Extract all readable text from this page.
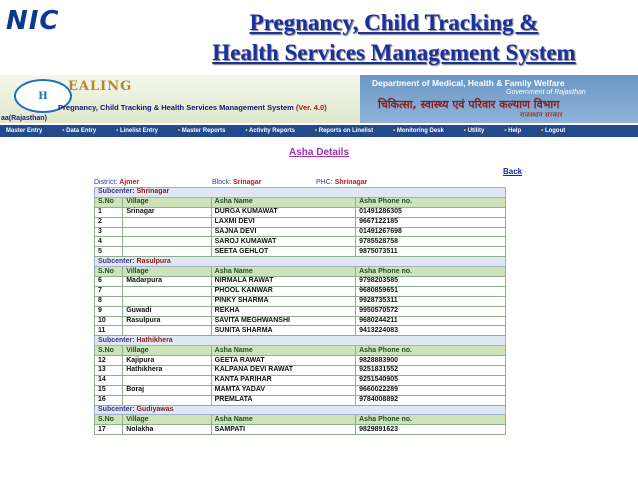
NIC	Pregnancy, Child Tracking &
Health Services Management System
H
EALING
Pregnancy, Child Tracking & Health Services Management System (Ver. 4.0)
aa(Rajasthan)
Department of Medical, Health & Family Welfare
Government of Rajasthan
चिकित्सा, स्वास्थ्य एवं परिवार कल्याण विभाग
राजस्थान सरकार
Master Entry	• Data Entry	• Linelist Entry	• Master Reports	• Activity Reports	• Reports on Linelist	• Monitoring Desk	• Utility	• Help	• Logout
Asha Details
Back
District: Ajmer	Block: Srinagar	PHC: Shrinagar
Subcenter: Shrinagar			
S.No	Village	Asha Name	Asha Phone no.
1	Srinagar	DURGA KUMAWAT	01491286305
2		LAXMI DEVI	9667122185
3		SAJNA DEVI	01491267698
4		SAROJ KUMAWAT	9785528758
5		SEETA GEHLOT	9875073511
Subcenter: Rasulpura			
S.No	Village	Asha Name	Asha Phone no.
6	Madarpura	NIRMALA RAWAT	9798203585
7		PHOOL KANWAR	9680859651
8		PINKY SHARMA	9928735311
9	Guwadi	REKHA	9950570572
10	Rasulpura	SAVITA MEGHWANSHI	9680244211
11		SUNITA SHARMA	9413224083
Subcenter: Hathikhera			
S.No	Village	Asha Name	Asha Phone no.
12	Kajipura	GEETA RAWAT	9828883900
13	Hathikhera	KALPANA DEVI RAWAT	9251831552
14		KANTA PARIHAR	9251540905
15	Boraj	MAMTA YADAV	9660022289
16		PREMLATA	9784008892
Subcenter: Gudiyawas			
S.No	Village	Asha Name	Asha Phone no.
17	Nolakha	SAMPATI	9829891623
